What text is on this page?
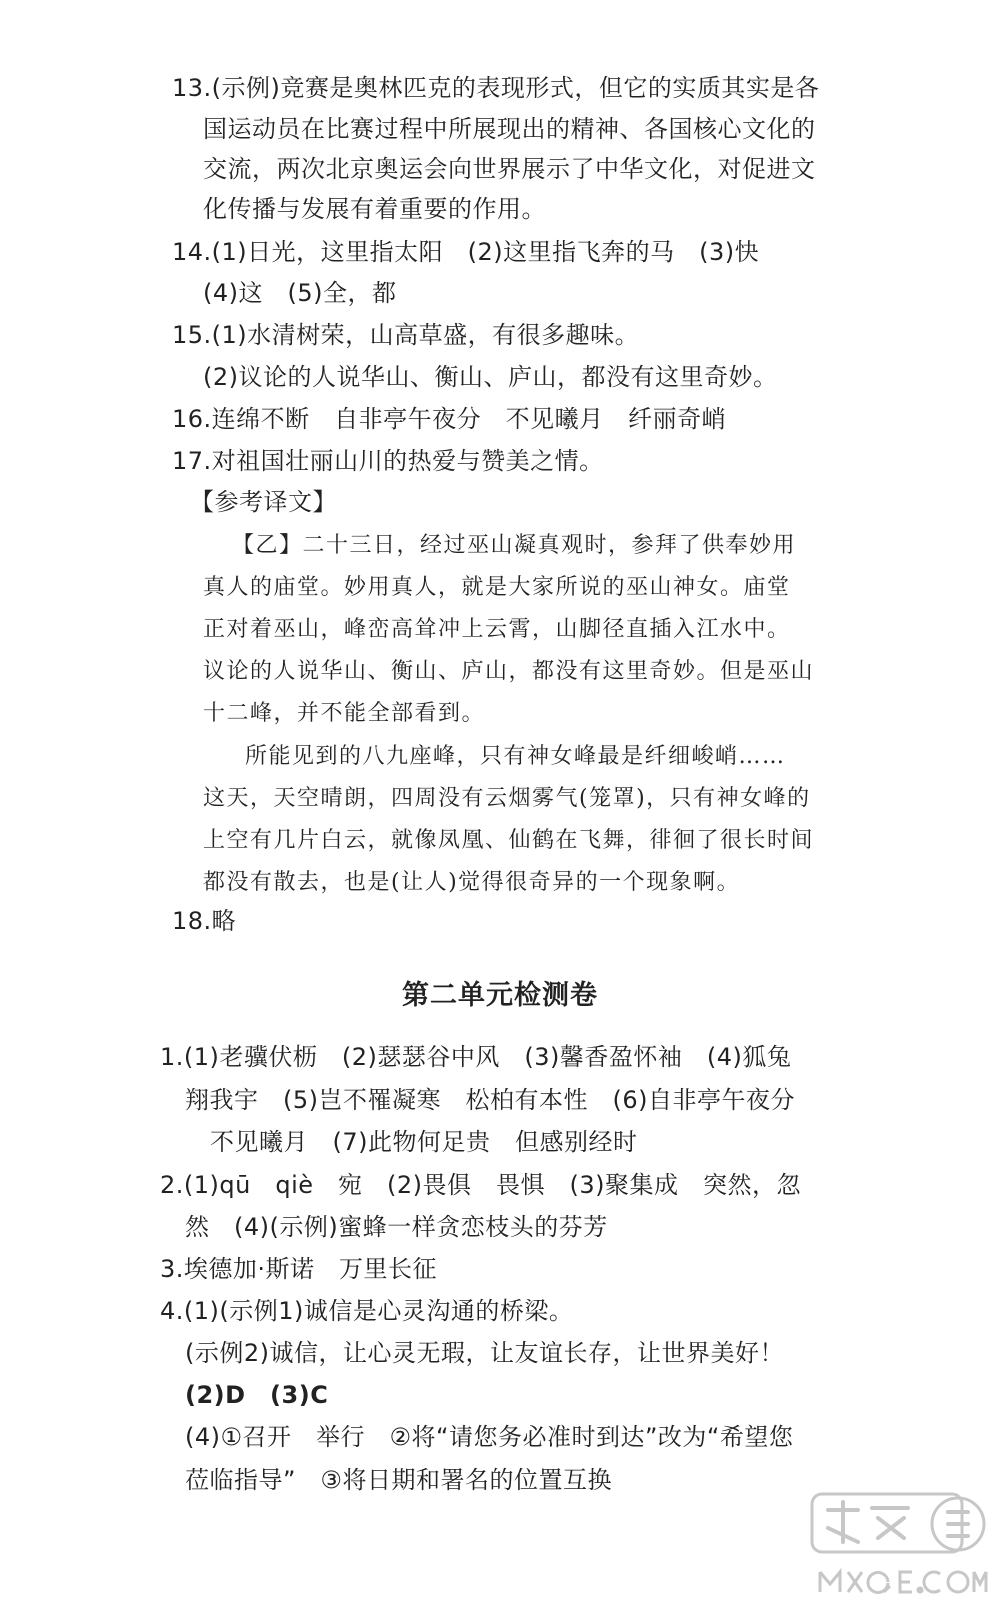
13.(示例)竞赛是奥林匹克的表现形式，但它的实质其实是各
国运动员在比赛过程中所展现出的精神、各国核心文化的
交流，两次北京奥运会向世界展示了中华文化，对促进文
化传播与发展有着重要的作用。
14.(1)日光，这里指太阳　(2)这里指飞奔的马　(3)快
(4)这　(5)全，都
15.(1)水清树荣，山高草盛，有很多趣味。
(2)议论的人说华山、衡山、庐山，都没有这里奇妙。
16.连绵不断　自非亭午夜分　不见曦月　纤丽奇峭
17.对祖国壮丽山川的热爱与赞美之情。
【参考译文】
【乙】二十三日，经过巫山凝真观时，参拜了供奉妙用
真人的庙堂。妙用真人，就是大家所说的巫山神女。庙堂
正对着巫山，峰峦高耸冲上云霄，山脚径直插入江水中。
议论的人说华山、衡山、庐山，都没有这里奇妙。但是巫山
十二峰，并不能全部看到。
所能见到的八九座峰，只有神女峰最是纤细峻峭……
这天，天空晴朗，四周没有云烟雾气(笼罩)，只有神女峰的
上空有几片白云，就像凤凰、仙鹤在飞舞，徘徊了很长时间
都没有散去，也是(让人)觉得很奇异的一个现象啊。
18.略
第二单元检测卷
1.(1)老骥伏枥　(2)瑟瑟谷中风　(3)馨香盈怀袖　(4)狐兔
翔我宇　(5)岂不罹凝寒　松柏有本性　(6)自非亭午夜分
不见曦月　(7)此物何足贵　但感别经时
2.(1)qū　qiè　宛　(2)畏俱　畏惧　(3)聚集成　突然，忽
然　(4)(示例)蜜蜂一样贪恋枝头的芬芳
3.埃德加·斯诺　万里长征
4.(1)(示例1)诚信是心灵沟通的桥梁。
(示例2)诚信，让心灵无瑕，让友谊长存，让世界美好！
(2)D　(3)C
(4)①召开　举行　②将“请您务必准时到达”改为“希望您
莅临指导”　③将日期和署名的位置互换
